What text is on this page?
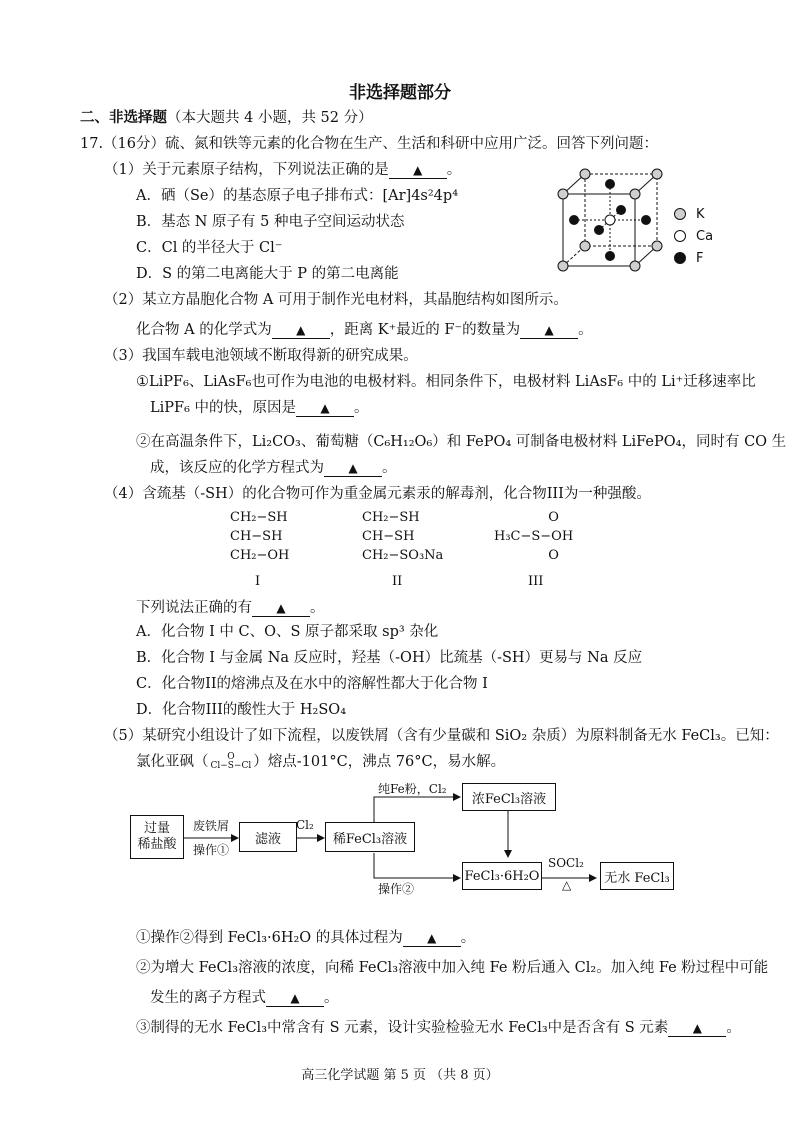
非选择题部分
二、非选择题（本大题共 4 小题，共 52 分）
17.（16分）硫、氮和铁等元素的化合物在生产、生活和科研中应用广泛。回答下列问题：
（1）关于元素原子结构，下列说法正确的是 ▲ 。
A．硒（Se）的基态原子电子排布式：[Ar]4s²4p⁴
B．基态 N 原子有 5 种电子空间运动状态
C．Cl 的半径大于 Cl⁻
D．S 的第二电离能大于 P 的第二电离能
K
Ca
F
（2）某立方晶胞化合物 A 可用于制作光电材料，其晶胞结构如图所示。
化合物 A 的化学式为 ▲ ，距离 K⁺最近的 F⁻的数量为 ▲ 。
（3）我国车载电池领域不断取得新的研究成果。
①LiPF₆、LiAsF₆也可作为电池的电极材料。相同条件下，电极材料 LiAsF₆ 中的 Li⁺迁移速率比
LiPF₆ 中的快，原因是 ▲ 。
②在高温条件下，Li₂CO₃、葡萄糖（C₆H₁₂O₆）和 FePO₄ 可制备电极材料 LiFePO₄，同时有 CO 生
成，该反应的化学方程式为 ▲ 。
（4）含巯基（-SH）的化合物可作为重金属元素汞的解毒剂，化合物III为一种强酸。
CH₂−SH
CH−SH
CH₂−OH
CH₂−SH
CH−SH
CH₂−SO₃Na
O
H₃C−S−OH
O
I	II	III
下列说法正确的有 ▲ 。
A．化合物 I 中 C、O、S 原子都采取 sp³ 杂化
B．化合物 I 与金属 Na 反应时，羟基（-OH）比巯基（-SH）更易与 Na 反应
C．化合物II的熔沸点及在水中的溶解性都大于化合物 I
D．化合物III的酸性大于 H₂SO₄
（5）某研究小组设计了如下流程，以废铁屑（含有少量碳和 SiO₂ 杂质）为原料制备无水 FeCl₃。已知：
氯化亚砜（	O
Cl−S−Cl ）熔点-101°C，沸点 76°C，易水解。
过量
稀盐酸
废铁屑
操作①
滤液
Cl₂
稀FeCl₃溶液
纯Fe粉，Cl₂
浓FeCl₃溶液
操作②
FeCl₃·6H₂O
SOCl₂
△	无水 FeCl₃
①操作②得到 FeCl₃·6H₂O 的具体过程为 ▲ 。
②为增大 FeCl₃溶液的浓度，向稀 FeCl₃溶液中加入纯 Fe 粉后通入 Cl₂。加入纯 Fe 粉过程中可能
发生的离子方程式 ▲ 。
③制得的无水 FeCl₃中常含有 S 元素，设计实验检验无水 FeCl₃中是否含有 S 元素 ▲ 。
高三化学试题 第 5 页 （共 8 页）
